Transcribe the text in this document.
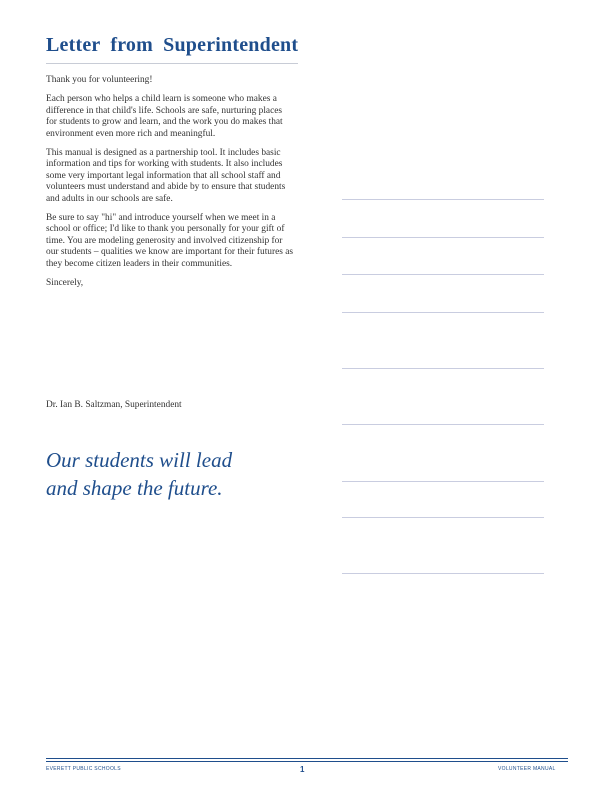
Letter from Superintendent

Thank you for volunteering!

Each person who helps a child learn is someone who makes a difference in that child's life. Schools are safe, nurturing places for students to grow and learn, and the work you do makes that environment even more rich and meaningful.

This manual is designed as a partnership tool. It includes basic information and tips for working with students. It also includes some very important legal information that all school staff and volunteers must understand and abide by to ensure that students and adults in our schools are safe.

Be sure to say "hi" and introduce yourself when we meet in a school or office; I'd like to thank you personally for your gift of time. You are modeling generosity and involved citizenship for our students – qualities we know are important for their futures as they become citizen leaders in their communities.

Sincerely,

Dr. Ian B. Saltzman, Superintendent
Our students will lead
and shape the future.
EVERETT PUBLIC SCHOOLS	1	VOLUNTEER MANUAL
